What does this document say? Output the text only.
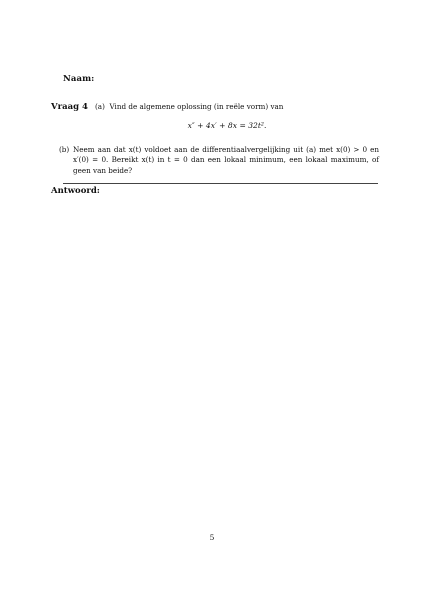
Naam:
Vraag 4 (a) Vind de algemene oplossing (in reële vorm) van
x″ + 4x′ + 8x = 32t².
(b) Neem aan dat x(t) voldoet aan de differentiaalvergelijking uit (a) met x(0) > 0 en x′(0) = 0. Bereikt x(t) in t = 0 dan een lokaal minimum, een lokaal maximum, of geen van beide?
Antwoord:
5
